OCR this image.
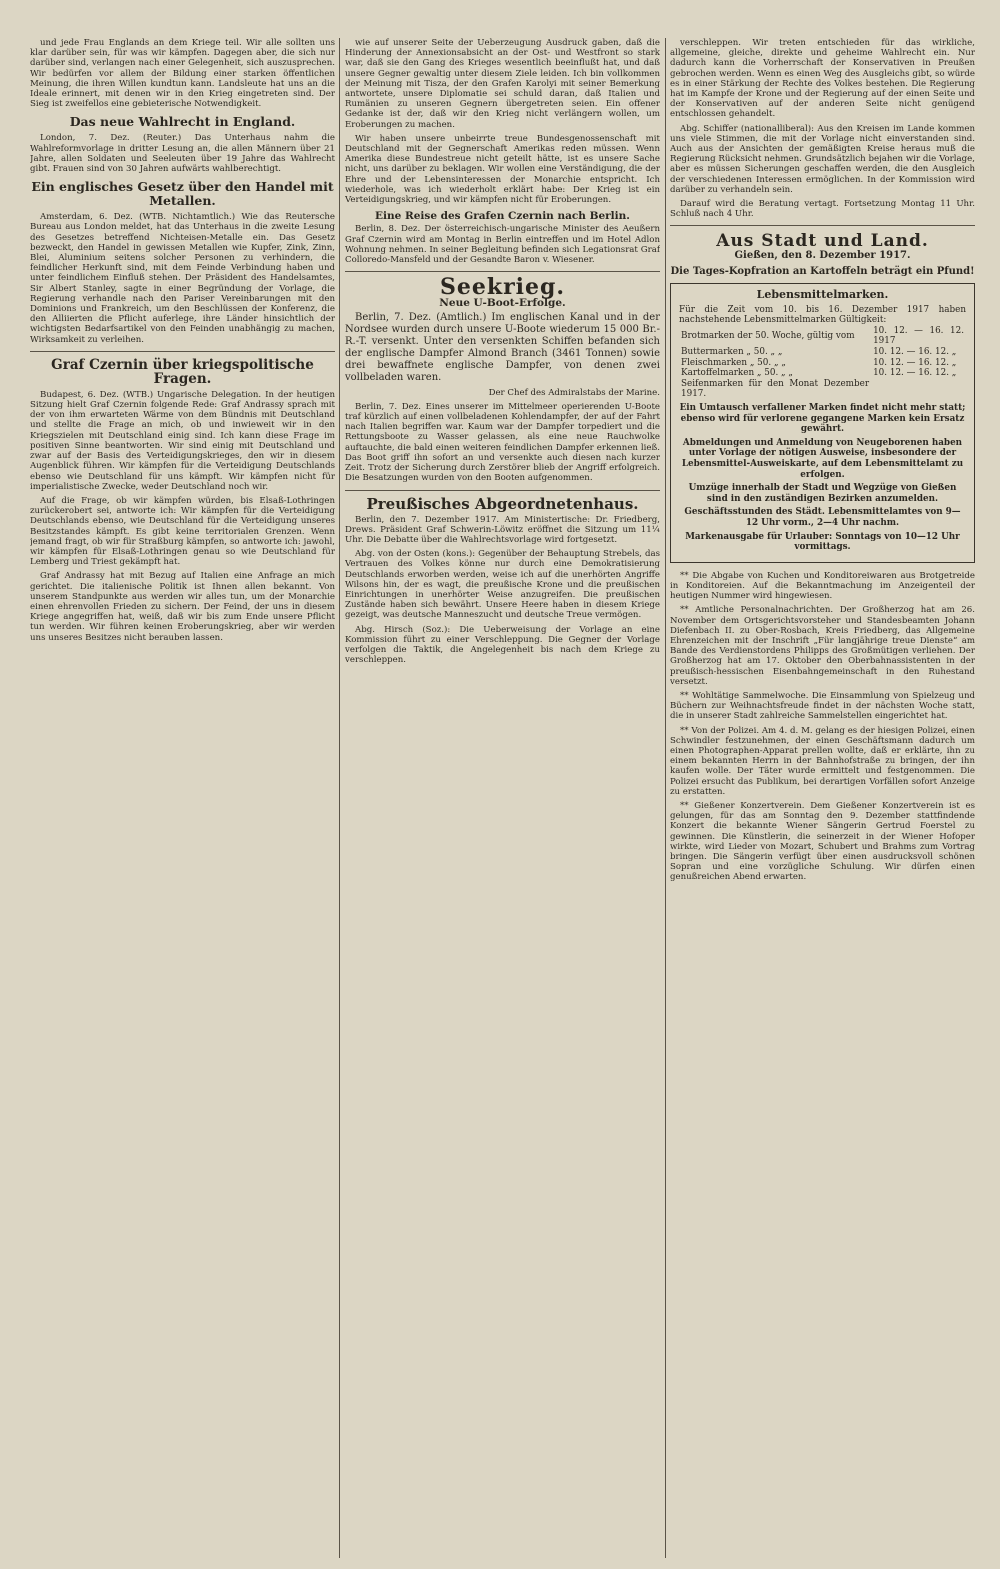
und jede Frau Englands an dem Kriege teil. Wir alle sollten uns klar darüber sein, für was wir kämpfen. Dagegen aber, die sich nur darüber sind, verlangen nach einer Gelegenheit, sich auszusprechen. Wir bedürfen vor allem der Bildung einer starken öffentlichen Meinung, die ihren Willen kundtun kann. Landsleute hat uns an die Ideale erinnert, mit denen wir in den Krieg eingetreten sind. Der Sieg ist zweifellos eine gebieterische Notwendigkeit.

Das neue Wahlrecht in England.

London, 7. Dez. (Reuter.) Das Unterhaus nahm die Wahlreformvorlage in dritter Lesung an, die allen Männern über 21 Jahre, allen Soldaten und Seeleuten über 19 Jahre das Wahlrecht gibt. Frauen sind von 30 Jahren aufwärts wahlberechtigt.

Ein englisches Gesetz über den Handel mit Metallen.

Amsterdam, 6. Dez. (WTB. Nichtamtlich.) Wie das Reutersche Bureau aus London meldet, hat das Unterhaus in die zweite Lesung des Gesetzes betreffend Nichteisen-Metalle ein. Das Gesetz bezweckt, den Handel in gewissen Metallen wie Kupfer, Zink, Zinn, Blei, Aluminium seitens solcher Personen zu verhindern, die feindlicher Herkunft sind, mit dem Feinde Verbindung haben und unter feindlichem Einfluß stehen. Der Präsident des Handelsamtes, Sir Albert Stanley, sagte in einer Begründung der Vorlage, die Regierung verhandle nach den Pariser Vereinbarungen mit den Dominions und Frankreich, um den Beschlüssen der Konferenz, die den Alliierten die Pflicht auferlege, ihre Länder hinsichtlich der wichtigsten Bedarfsartikel von den Feinden unabhängig zu machen, Wirksamkeit zu verleihen.

Graf Czernin über kriegspolitische Fragen.

Budapest, 6. Dez. (WTB.) Ungarische Delegation. In der heutigen Sitzung hielt Graf Czernin folgende Rede: Graf Andrassy sprach mit der von ihm erwarteten Wärme von dem Bündnis mit Deutschland und stellte die Frage an mich, ob und inwieweit wir in den Kriegszielen mit Deutschland einig sind. Ich kann diese Frage im positiven Sinne beantworten. Wir sind einig mit Deutschland und zwar auf der Basis des Verteidigungskrieges, den wir in diesem Augenblick führen. Wir kämpfen für die Verteidigung Deutschlands ebenso wie Deutschland für uns kämpft. Wir kämpfen nicht für imperialistische Zwecke, weder Deutschland noch wir.

Auf die Frage, ob wir kämpfen würden, bis Elsaß-Lothringen zurückerobert sei, antworte ich: Wir kämpfen für die Verteidigung Deutschlands ebenso, wie Deutschland für die Verteidigung unseres Besitzstandes kämpft. Es gibt keine territorialen Grenzen. Wenn jemand fragt, ob wir für Straßburg kämpfen, so antworte ich: jawohl, wir kämpfen für Elsaß-Lothringen genau so wie Deutschland für Lemberg und Triest gekämpft hat.

Graf Andrassy hat mit Bezug auf Italien eine Anfrage an mich gerichtet. Die italienische Politik ist Ihnen allen bekannt. Von unserem Standpunkte aus werden wir alles tun, um der Monarchie einen ehrenvollen Frieden zu sichern. Der Feind, der uns in diesem Kriege angegriffen hat, weiß, daß wir bis zum Ende unsere Pflicht tun werden. Wir führen keinen Eroberungskrieg, aber wir werden uns unseres Besitzes nicht berauben lassen.

wie auf unserer Seite der Ueberzeugung Ausdruck gaben, daß die Hinderung der Annexionsabsicht an der Ost- und Westfront so stark war, daß sie den Gang des Krieges wesentlich beeinflußt hat, und daß unsere Gegner gewaltig unter diesem Ziele leiden. Ich bin vollkommen der Meinung mit Tisza, der den Grafen Karolyi mit seiner Bemerkung antwortete, unsere Diplomatie sei schuld daran, daß Italien und Rumänien zu unseren Gegnern übergetreten seien. Ein offener Gedanke ist der, daß wir den Krieg nicht verlängern wollen, um Eroberungen zu machen.

Wir haben unsere unbeirrte treue Bundesgenossenschaft mit Deutschland mit der Gegnerschaft Amerikas reden müssen. Wenn Amerika diese Bundestreue nicht geteilt hätte, ist es unsere Sache nicht, uns darüber zu beklagen. Wir wollen eine Verständigung, die der Ehre und der Lebensinteressen der Monarchie entspricht. Ich wiederhole, was ich wiederholt erklärt habe: Der Krieg ist ein Verteidigungskrieg, und wir kämpfen nicht für Eroberungen.

Eine Reise des Grafen Czernin nach Berlin.

Berlin, 8. Dez. Der österreichisch-ungarische Minister des Aeußern Graf Czernin wird am Montag in Berlin eintreffen und im Hotel Adlon Wohnung nehmen. In seiner Begleitung befinden sich Legationsrat Graf Colloredo-Mansfeld und der Gesandte Baron v. Wiesener.

Seekrieg.
Neue U-Boot-Erfolge.

Berlin, 7. Dez. (Amtlich.) Im englischen Kanal und in der Nordsee wurden durch unsere U-Boote wiederum 15 000 Br.-R.-T. versenkt. Unter den versenkten Schiffen befanden sich der englische Dampfer Almond Branch (3461 Tonnen) sowie drei bewaffnete englische Dampfer, von denen zwei vollbeladen waren.

Der Chef des Admiralstabs der Marine.

Berlin, 7. Dez. Eines unserer im Mittelmeer operierenden U-Boote traf kürzlich auf einen vollbeladenen Kohlendampfer, der auf der Fahrt nach Italien begriffen war. Kaum war der Dampfer torpediert und die Rettungsboote zu Wasser gelassen, als eine neue Rauchwolke auftauchte, die bald einen weiteren feindlichen Dampfer erkennen ließ. Das Boot griff ihn sofort an und versenkte auch diesen nach kurzer Zeit. Trotz der Sicherung durch Zerstörer blieb der Angriff erfolgreich. Die Besatzungen wurden von den Booten aufgenommen.

Preußisches Abgeordnetenhaus.

Berlin, den 7. Dezember 1917. Am Ministertische: Dr. Friedberg, Drews. Präsident Graf Schwerin-Löwitz eröffnet die Sitzung um 11¼ Uhr. Die Debatte über die Wahlrechtsvorlage wird fortgesetzt.

Abg. von der Osten (kons.): Gegenüber der Behauptung Strebels, das Vertrauen des Volkes könne nur durch eine Demokratisierung Deutschlands erworben werden, weise ich auf die unerhörten Angriffe Wilsons hin, der es wagt, die preußische Krone und die preußischen Einrichtungen in unerhörter Weise anzugreifen. Die preußischen Zustände haben sich bewährt. Unsere Heere haben in diesem Kriege gezeigt, was deutsche Manneszucht und deutsche Treue vermögen.

Abg. Hirsch (Soz.): Die Ueberweisung der Vorlage an eine Kommission führt zu einer Verschleppung. Die Gegner der Vorlage verfolgen die Taktik, die Angelegenheit bis nach dem Kriege zu verschleppen.

verschleppen. Wir treten entschieden für das wirkliche, allgemeine, gleiche, direkte und geheime Wahlrecht ein. Nur dadurch kann die Vorherrschaft der Konservativen in Preußen gebrochen werden. Wenn es einen Weg des Ausgleichs gibt, so würde es in einer Stärkung der Rechte des Volkes bestehen. Die Regierung hat im Kampfe der Krone und der Regierung auf der einen Seite und der Konservativen auf der anderen Seite nicht genügend entschlossen gehandelt.

Abg. Schiffer (nationalliberal): Aus den Kreisen im Lande kommen uns viele Stimmen, die mit der Vorlage nicht einverstanden sind. Auch aus der Ansichten der gemäßigten Kreise heraus muß die Regierung Rücksicht nehmen. Grundsätzlich bejahen wir die Vorlage, aber es müssen Sicherungen geschaffen werden, die den Ausgleich der verschiedenen Interessen ermöglichen. In der Kommission wird darüber zu verhandeln sein.

Darauf wird die Beratung vertagt. Fortsetzung Montag 11 Uhr. Schluß nach 4 Uhr.

Aus Stadt und Land.
Gießen, den 8. Dezember 1917.
Die Tages-Kopfration an Kartoffeln beträgt ein Pfund!
Lebensmittelmarken.
Für die Zeit vom 10. bis 16. Dezember 1917 haben nachstehende Lebensmittelmarken Gültigkeit:
Brotmarken der 50. Woche, gültig vom	10. 12. — 16. 12. 1917
Buttermarken „ 50. „ „	10. 12. — 16. 12. „
Fleischmarken „ 50. „ „	10. 12. — 16. 12. „
Kartoffelmarken „ 50. „ „	10. 12. — 16. 12. „
Seifenmarken für den Monat Dezember 1917.	
Ein Umtausch verfallener Marken findet nicht mehr statt; ebenso wird für verlorene gegangene Marken kein Ersatz gewährt.
Abmeldungen und Anmeldung von Neugeborenen haben unter Vorlage der nötigen Ausweise, insbesondere der Lebensmittel-Ausweiskarte, auf dem Lebensmittelamt zu erfolgen.
Umzüge innerhalb der Stadt und Wegzüge von Gießen sind in den zuständigen Bezirken anzumelden.
Geschäftsstunden des Städt. Lebensmittelamtes von 9—12 Uhr vorm., 2—4 Uhr nachm.
Markenausgabe für Urlauber: Sonntags von 10—12 Uhr vormittags.

** Die Abgabe von Kuchen und Konditoreiwaren aus Brotgetreide in Konditoreien. Auf die Bekanntmachung im Anzeigenteil der heutigen Nummer wird hingewiesen.

** Amtliche Personalnachrichten. Der Großherzog hat am 26. November dem Ortsgerichtsvorsteher und Standesbeamten Johann Diefenbach II. zu Ober-Rosbach, Kreis Friedberg, das Allgemeine Ehrenzeichen mit der Inschrift „Für langjährige treue Dienste“ am Bande des Verdienstordens Philipps des Großmütigen verliehen. Der Großherzog hat am 17. Oktober den Oberbahnassistenten in der preußisch-hessischen Eisenbahngemeinschaft in den Ruhestand versetzt.

** Wohltätige Sammelwoche. Die Einsammlung von Spielzeug und Büchern zur Weihnachtsfreude findet in der nächsten Woche statt, die in unserer Stadt zahlreiche Sammelstellen eingerichtet hat.

** Von der Polizei. Am 4. d. M. gelang es der hiesigen Polizei, einen Schwindler festzunehmen, der einen Geschäftsmann dadurch um einen Photographen-Apparat prellen wollte, daß er erklärte, ihn zu einem bekannten Herrn in der Bahnhofstraße zu bringen, der ihn kaufen wolle. Der Täter wurde ermittelt und festgenommen. Die Polizei ersucht das Publikum, bei derartigen Vorfällen sofort Anzeige zu erstatten.

** Gießener Konzertverein. Dem Gießener Konzertverein ist es gelungen, für das am Sonntag den 9. Dezember stattfindende Konzert die bekannte Wiener Sängerin Gertrud Foerstel zu gewinnen. Die Künstlerin, die seinerzeit in der Wiener Hofoper wirkte, wird Lieder von Mozart, Schubert und Brahms zum Vortrag bringen. Die Sängerin verfügt über einen ausdrucksvoll schönen Sopran und eine vorzügliche Schulung. Wir dürfen einen genußreichen Abend erwarten.
